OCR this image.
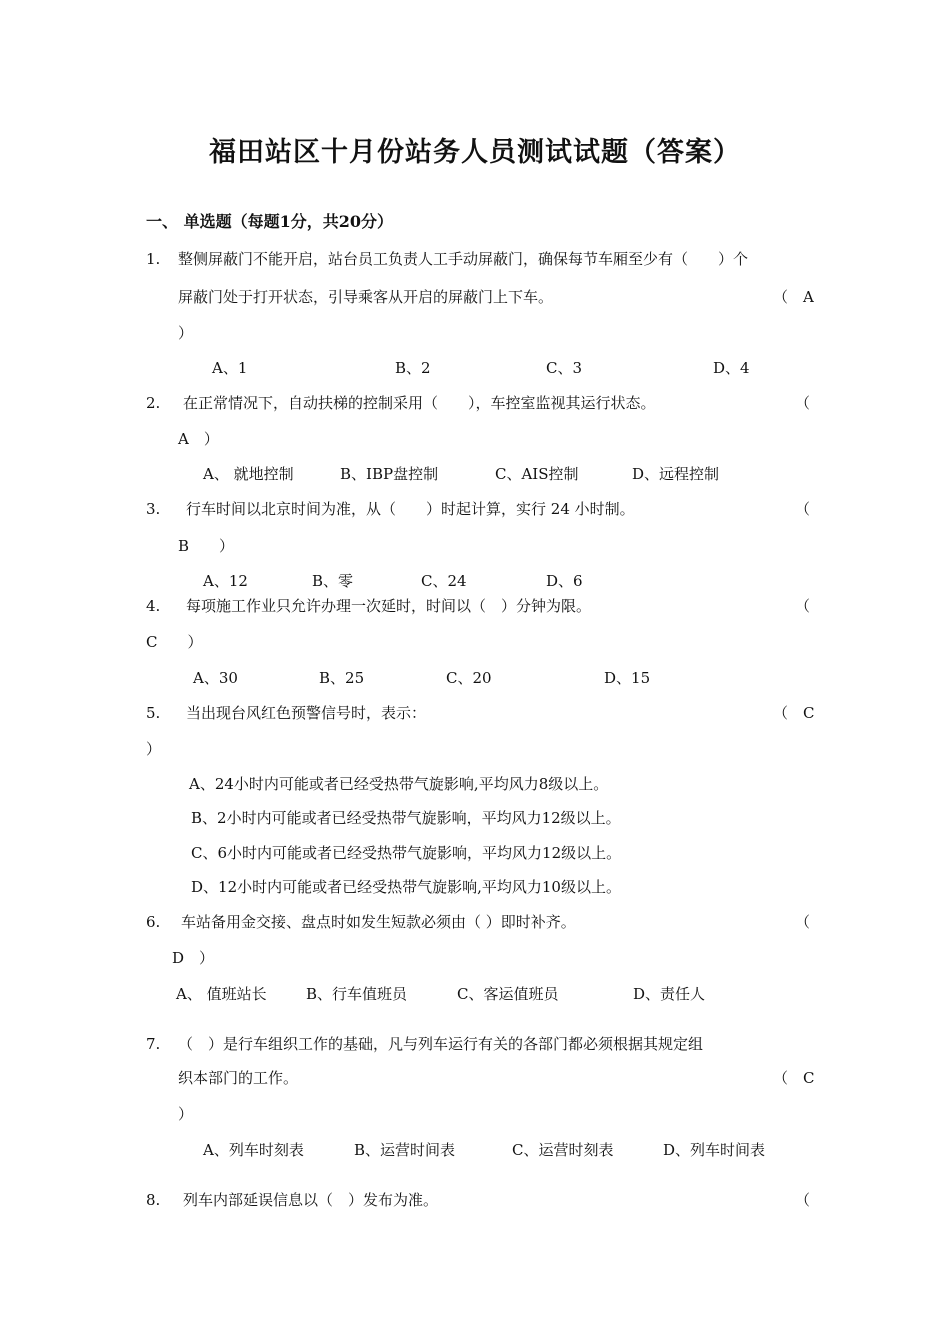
福田站区十月份站务人员测试试题（答案）
一、 单选题（每题1分，共20分）
1. 整侧屏蔽门不能开启，站台员工负责人工手动屏蔽门，确保每节车厢至少有（　　）个
屏蔽门处于打开状态，引导乘客从开启的屏蔽门上下车。	（　A
）
A、1	B、2	C、3	D、4
2. 在正常情况下，自动扶梯的控制采用（　　），车控室监视其运行状态。	（
A　）
A、 就地控制	B、IBP盘控制	C、AIS控制	D、远程控制
3. 行车时间以北京时间为准，从（　　）时起计算，实行 24 小时制。	（
B　　）
A、12	B、零	C、24	D、6
4. 每项施工作业只允许办理一次延时，时间以（　）分钟为限。	（
C　　）
A、30	B、25	C、20	D、15
5. 当出现台风红色预警信号时，表示：	（　C
）
A、24小时内可能或者已经受热带气旋影响,平均风力8级以上。
B、2小时内可能或者已经受热带气旋影响，平均风力12级以上。
C、6小时内可能或者已经受热带气旋影响，平均风力12级以上。
D、12小时内可能或者已经受热带气旋影响,平均风力10级以上。
6. 车站备用金交接、盘点时如发生短款必须由（ ）即时补齐。	（
D　）
A、 值班站长	B、行车值班员	C、客运值班员	D、责任人
7. （　）是行车组织工作的基础，凡与列车运行有关的各部门都必须根据其规定组
织本部门的工作。	（　C
）
A、列车时刻表	B、运营时间表	C、运营时刻表	D、列车时间表
8. 列车内部延误信息以（　）发布为准。	（
